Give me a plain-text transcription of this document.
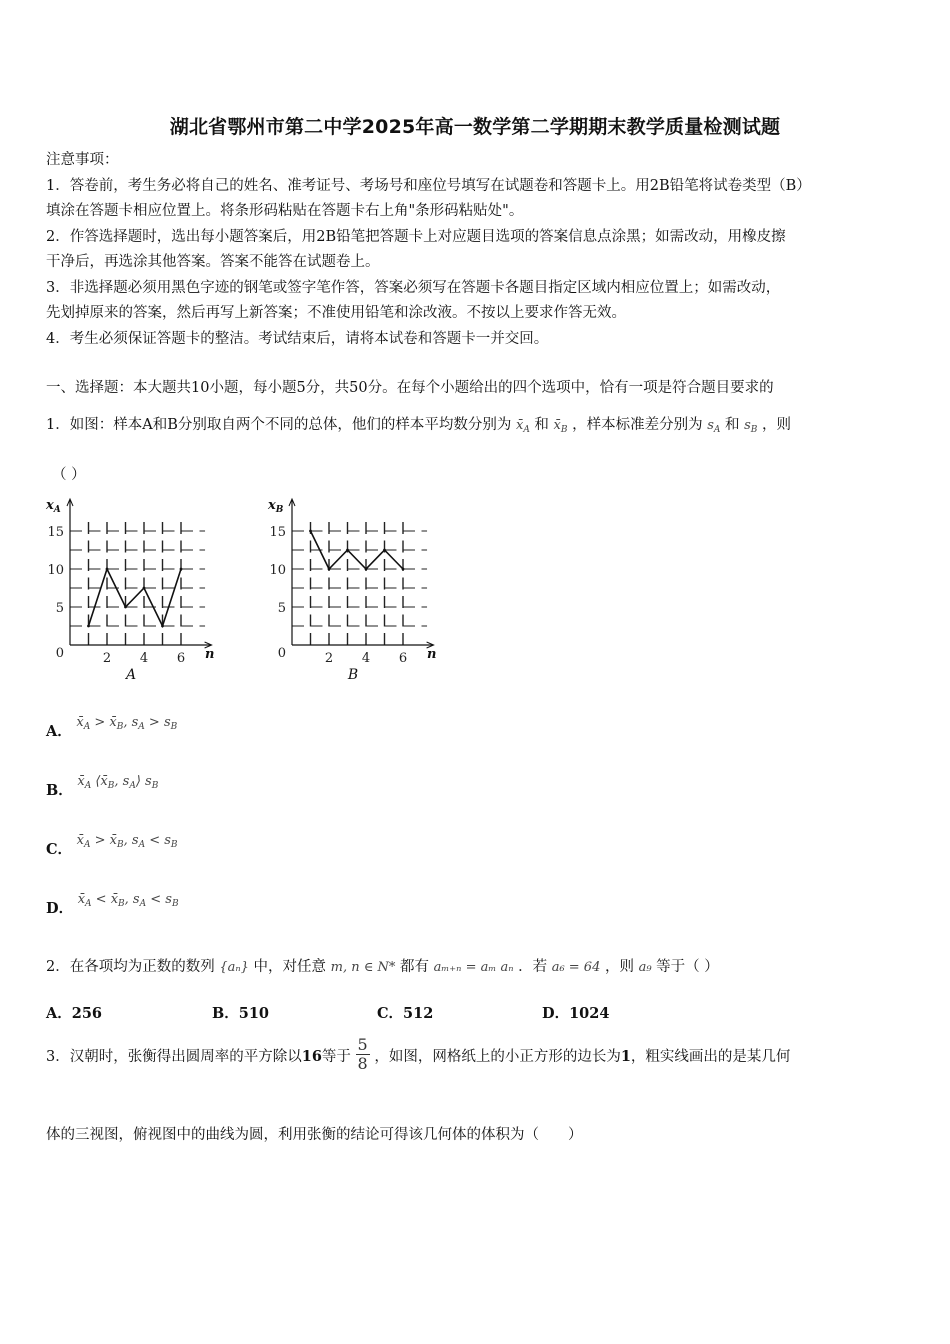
湖北省鄂州市第二中学2025年高一数学第二学期期末教学质量检测试题
注意事项：
1．答卷前，考生务必将自己的姓名、准考证号、考场号和座位号填写在试题卷和答题卡上。用2B铅笔将试卷类型（B）
填涂在答题卡相应位置上。将条形码粘贴在答题卡右上角"条形码粘贴处"。
2．作答选择题时，选出每小题答案后，用2B铅笔把答题卡上对应题目选项的答案信息点涂黑；如需改动，用橡皮擦
干净后，再选涂其他答案。答案不能答在试题卷上。
3．非选择题必须用黑色字迹的钢笔或签字笔作答，答案必须写在答题卡各题目指定区域内相应位置上；如需改动，
先划掉原来的答案，然后再写上新答案；不准使用铅笔和涂改液。不按以上要求作答无效。
4．考生必须保证答题卡的整洁。考试结束后，请将本试卷和答题卡一并交回。
一、选择题：本大题共10小题，每小题5分，共50分。在每个小题给出的四个选项中，恰有一项是符合题目要求的
1．如图：样本A和B分别取自两个不同的总体，他们的样本平均数分别为 $x̄_A$ 和 $x̄_B$ ，样本标准差分别为 $s_A$ 和 $s_B$ ，则
（ ）
0
5
10
15
2 4 6
$x_A$
n
A
0
5
10
15
2 4 6
$x_B$
n
B
A． $x̄_A$ > $x̄_B$, $s_A > s_B$
B． $x̄_A$ $⟨x̄_B$, $s_A⟩$ $s_B$
C． $x̄_A$ > $x̄_B$, $s_A < s_B$
D． $x̄_A$ < $x̄_B$, $s_A < s_B$
2．在各项均为正数的数列 {aₙ} 中，对任意 m, n ∈ N* 都有 aₘ₊ₙ = aₘ aₙ ．若 a₆ = 64 ，则 a₉ 等于（ ）
A．256	B．510	C．512	D．1024
3．汉朝时，张衡得出圆周率的平方除以16等于 $\frac{5}{8}$ ，如图，网格纸上的小正方形的边长为1，粗实线画出的是某几何
体的三视图，俯视图中的曲线为圆，利用张衡的结论可得该几何体的体积为（　　）
